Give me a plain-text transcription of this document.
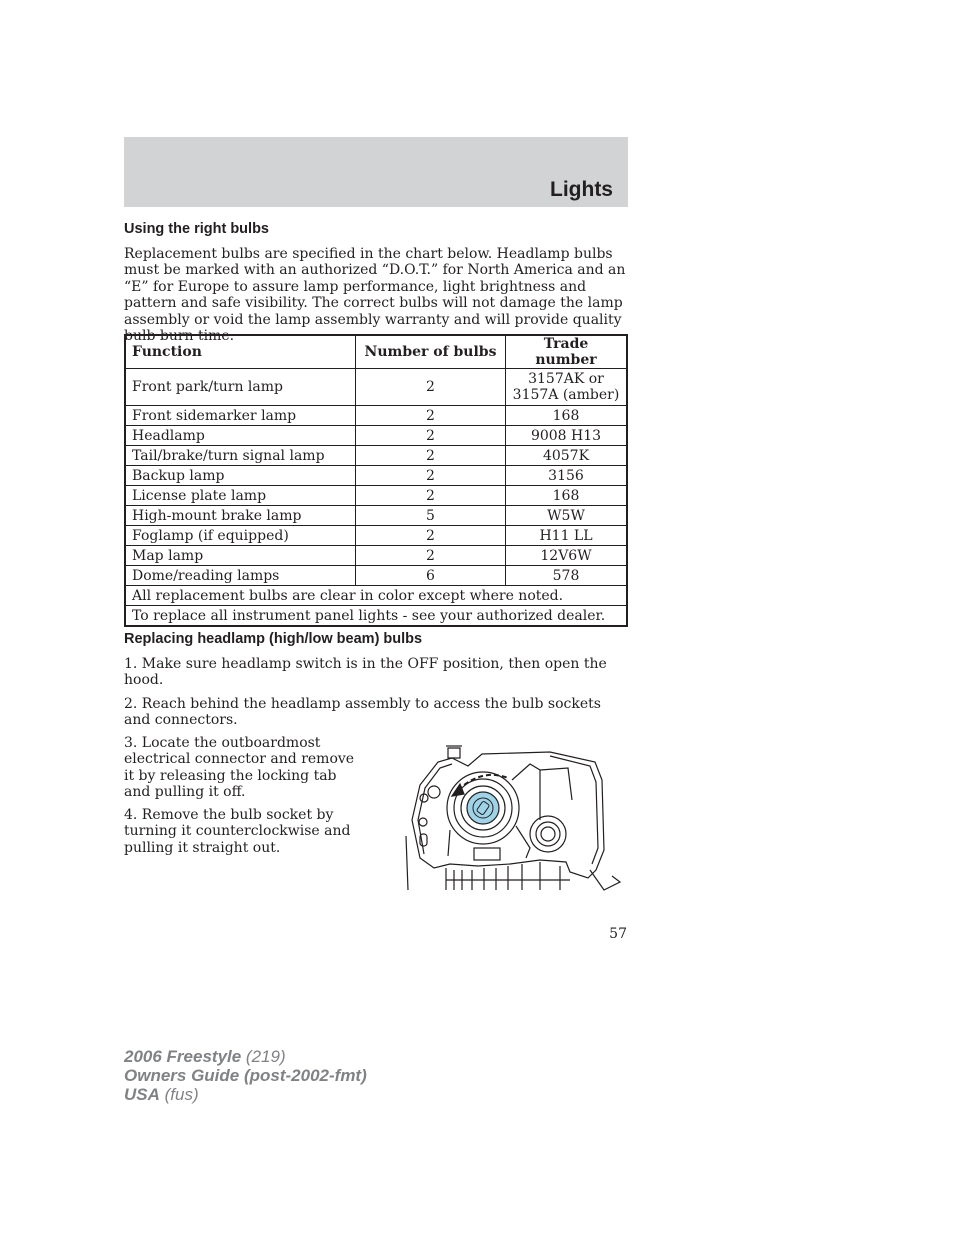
Lights
Using the right bulbs

Replacement bulbs are specified in the chart below. Headlamp bulbs must be marked with an authorized “D.O.T.” for North America and an “E” for Europe to assure lamp performance, light brightness and pattern and safe visibility. The correct bulbs will not damage the lamp assembly or void the lamp assembly warranty and will provide quality bulb burn time.

Function	Number of bulbs	Trade number
Front park/turn lamp	2	3157AK or
3157A (amber)

Front sidemarker lamp	2	168
Headlamp	2	9008 H13
Tail/brake/turn signal lamp	2	4057K
Backup lamp	2	3156
License plate lamp	2	168
High-mount brake lamp	5	W5W
Foglamp (if equipped)	2	H11 LL
Map lamp	2	12V6W
Dome/reading lamps	6	578
All replacement bulbs are clear in color except where noted.		
To replace all instrument panel lights - see your authorized dealer.		
Replacing headlamp (high/low beam) bulbs

1. Make sure headlamp switch is in the OFF position, then open the hood.

2. Reach behind the headlamp assembly to access the bulb sockets and connectors.

3. Locate the outboardmost electrical connector and remove it by releasing the locking tab and pulling it off.

4. Remove the bulb socket by turning it counterclockwise and pulling it straight out.

57
2006 Freestyle (219)
Owners Guide (post-2002-fmt)
USA (fus)
